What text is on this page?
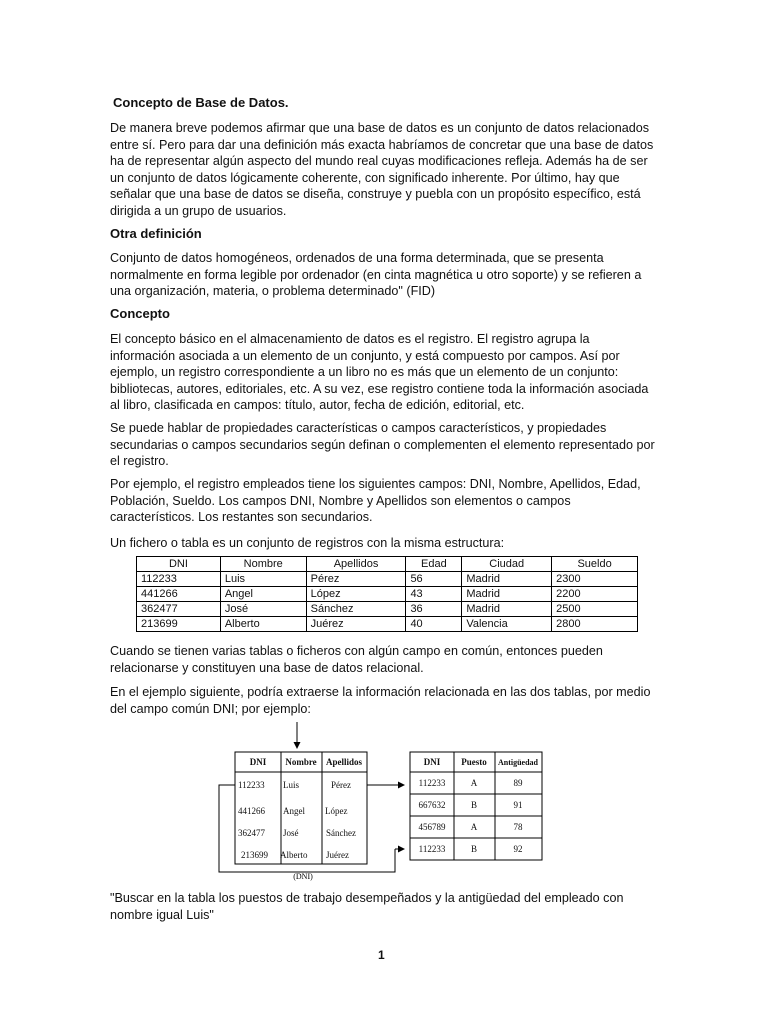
Concepto de Base de Datos.

De manera breve podemos afirmar que una base de datos es un conjunto de datos relacionados entre sí. Pero para dar una definición más exacta habríamos de concretar que una base de datos ha de representar algún aspecto del mundo real cuyas modificaciones refleja. Además ha de ser un conjunto de datos lógicamente coherente, con significado inherente. Por último, hay que señalar que una base de datos se diseña, construye y puebla con un propósito específico, está dirigida a un grupo de usuarios.

Otra definición

Conjunto de datos homogéneos, ordenados de una forma determinada, que se presenta normalmente en forma legible por ordenador (en cinta magnética u otro soporte) y se refieren a una organización, materia, o problema determinado" (FID)

Concepto

El concepto básico en el almacenamiento de datos es el registro. El registro agrupa la información asociada a un elemento de un conjunto, y está compuesto por campos. Así por ejemplo, un registro correspondiente a un libro no es más que un elemento de un conjunto: bibliotecas, autores, editoriales, etc. A su vez, ese registro contiene toda la información asociada al libro, clasificada en campos: título, autor, fecha de edición, editorial, etc.

Se puede hablar de propiedades características o campos característicos, y propiedades secundarias o campos secundarios según definan o complementen el elemento representado por el registro.

Por ejemplo, el registro empleados tiene los siguientes campos: DNI, Nombre, Apellidos, Edad, Población, Sueldo. Los campos DNI, Nombre y Apellidos son elementos o campos característicos. Los restantes son secundarios.

Un fichero o tabla es un conjunto de registros con la misma estructura:

DNI	Nombre	Apellidos	Edad	Ciudad	Sueldo
112233	Luis	Pérez	56	Madrid	2300
441266	Angel	López	43	Madrid	2200
362477	José	Sánchez	36	Madrid	2500
213699	Alberto	Juérez	40	Valencia	2800

Cuando se tienen varias tablas o ficheros con algún campo en común, entonces pueden relacionarse y constituyen una base de datos relacional.

En el ejemplo siguiente, podría extraerse la información relacionada en las dos tablas, por medio del campo común DNI; por ejemplo:

DNI Nombre Apellidos
112233 Luis	Pérez
441266 Angel López
362477 José	Sánchez
213699 Alberto Juérez
(DNI)
DNI Puesto Antigüedad
112233	A	89
667632	B	91
456789	A	78
112233	B	92

"Buscar en la tabla los puestos de trabajo desempeñados y la antigüedad del empleado con nombre igual Luis"

1
